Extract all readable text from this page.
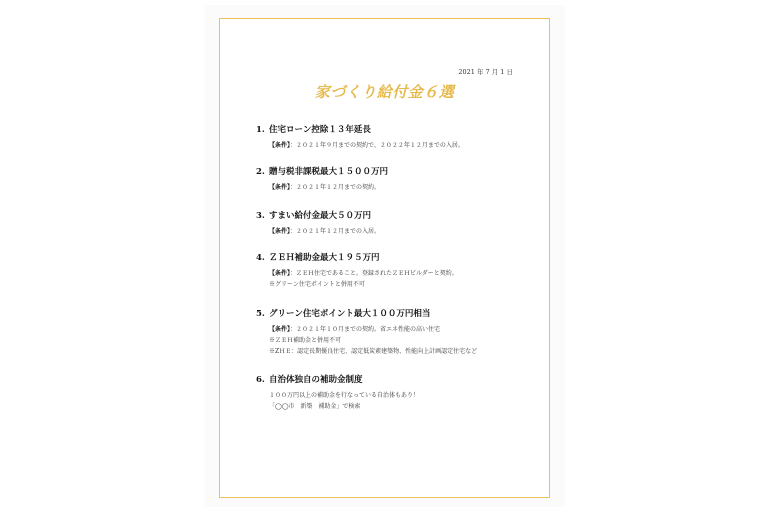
2021 年 7 月 1 日
家づくり給付金６選
1. 住宅ローン控除１３年延長
【条件】：２０２１年９月までの契約で、２０２２年１２月までの入居。
2. 贈与税非課税最大１５００万円
【条件】：２０２１年１２月までの契約。
3. すまい給付金最大５０万円
【条件】：２０２１年１２月までの入居。
4. ＺＥＨ補助金最大１９５万円
【条件】：ＺＥＨ住宅であること。登録されたＺＥＨビルダーと契約。
※グリーン住宅ポイントと併用不可
5. グリーン住宅ポイント最大１００万円相当
【条件】：２０２１年１０月までの契約。省エネ性能の高い住宅
※ＺＥＨ補助金と併用不可
※ZＨＥ：認定長期優良住宅、認定低炭素建築物、性能向上計画認定住宅など
6. 自治体独自の補助金制度
１００万円以上の補助金を行なっている自治体もあり！
「◯◯市　新築　補助金」で検索
